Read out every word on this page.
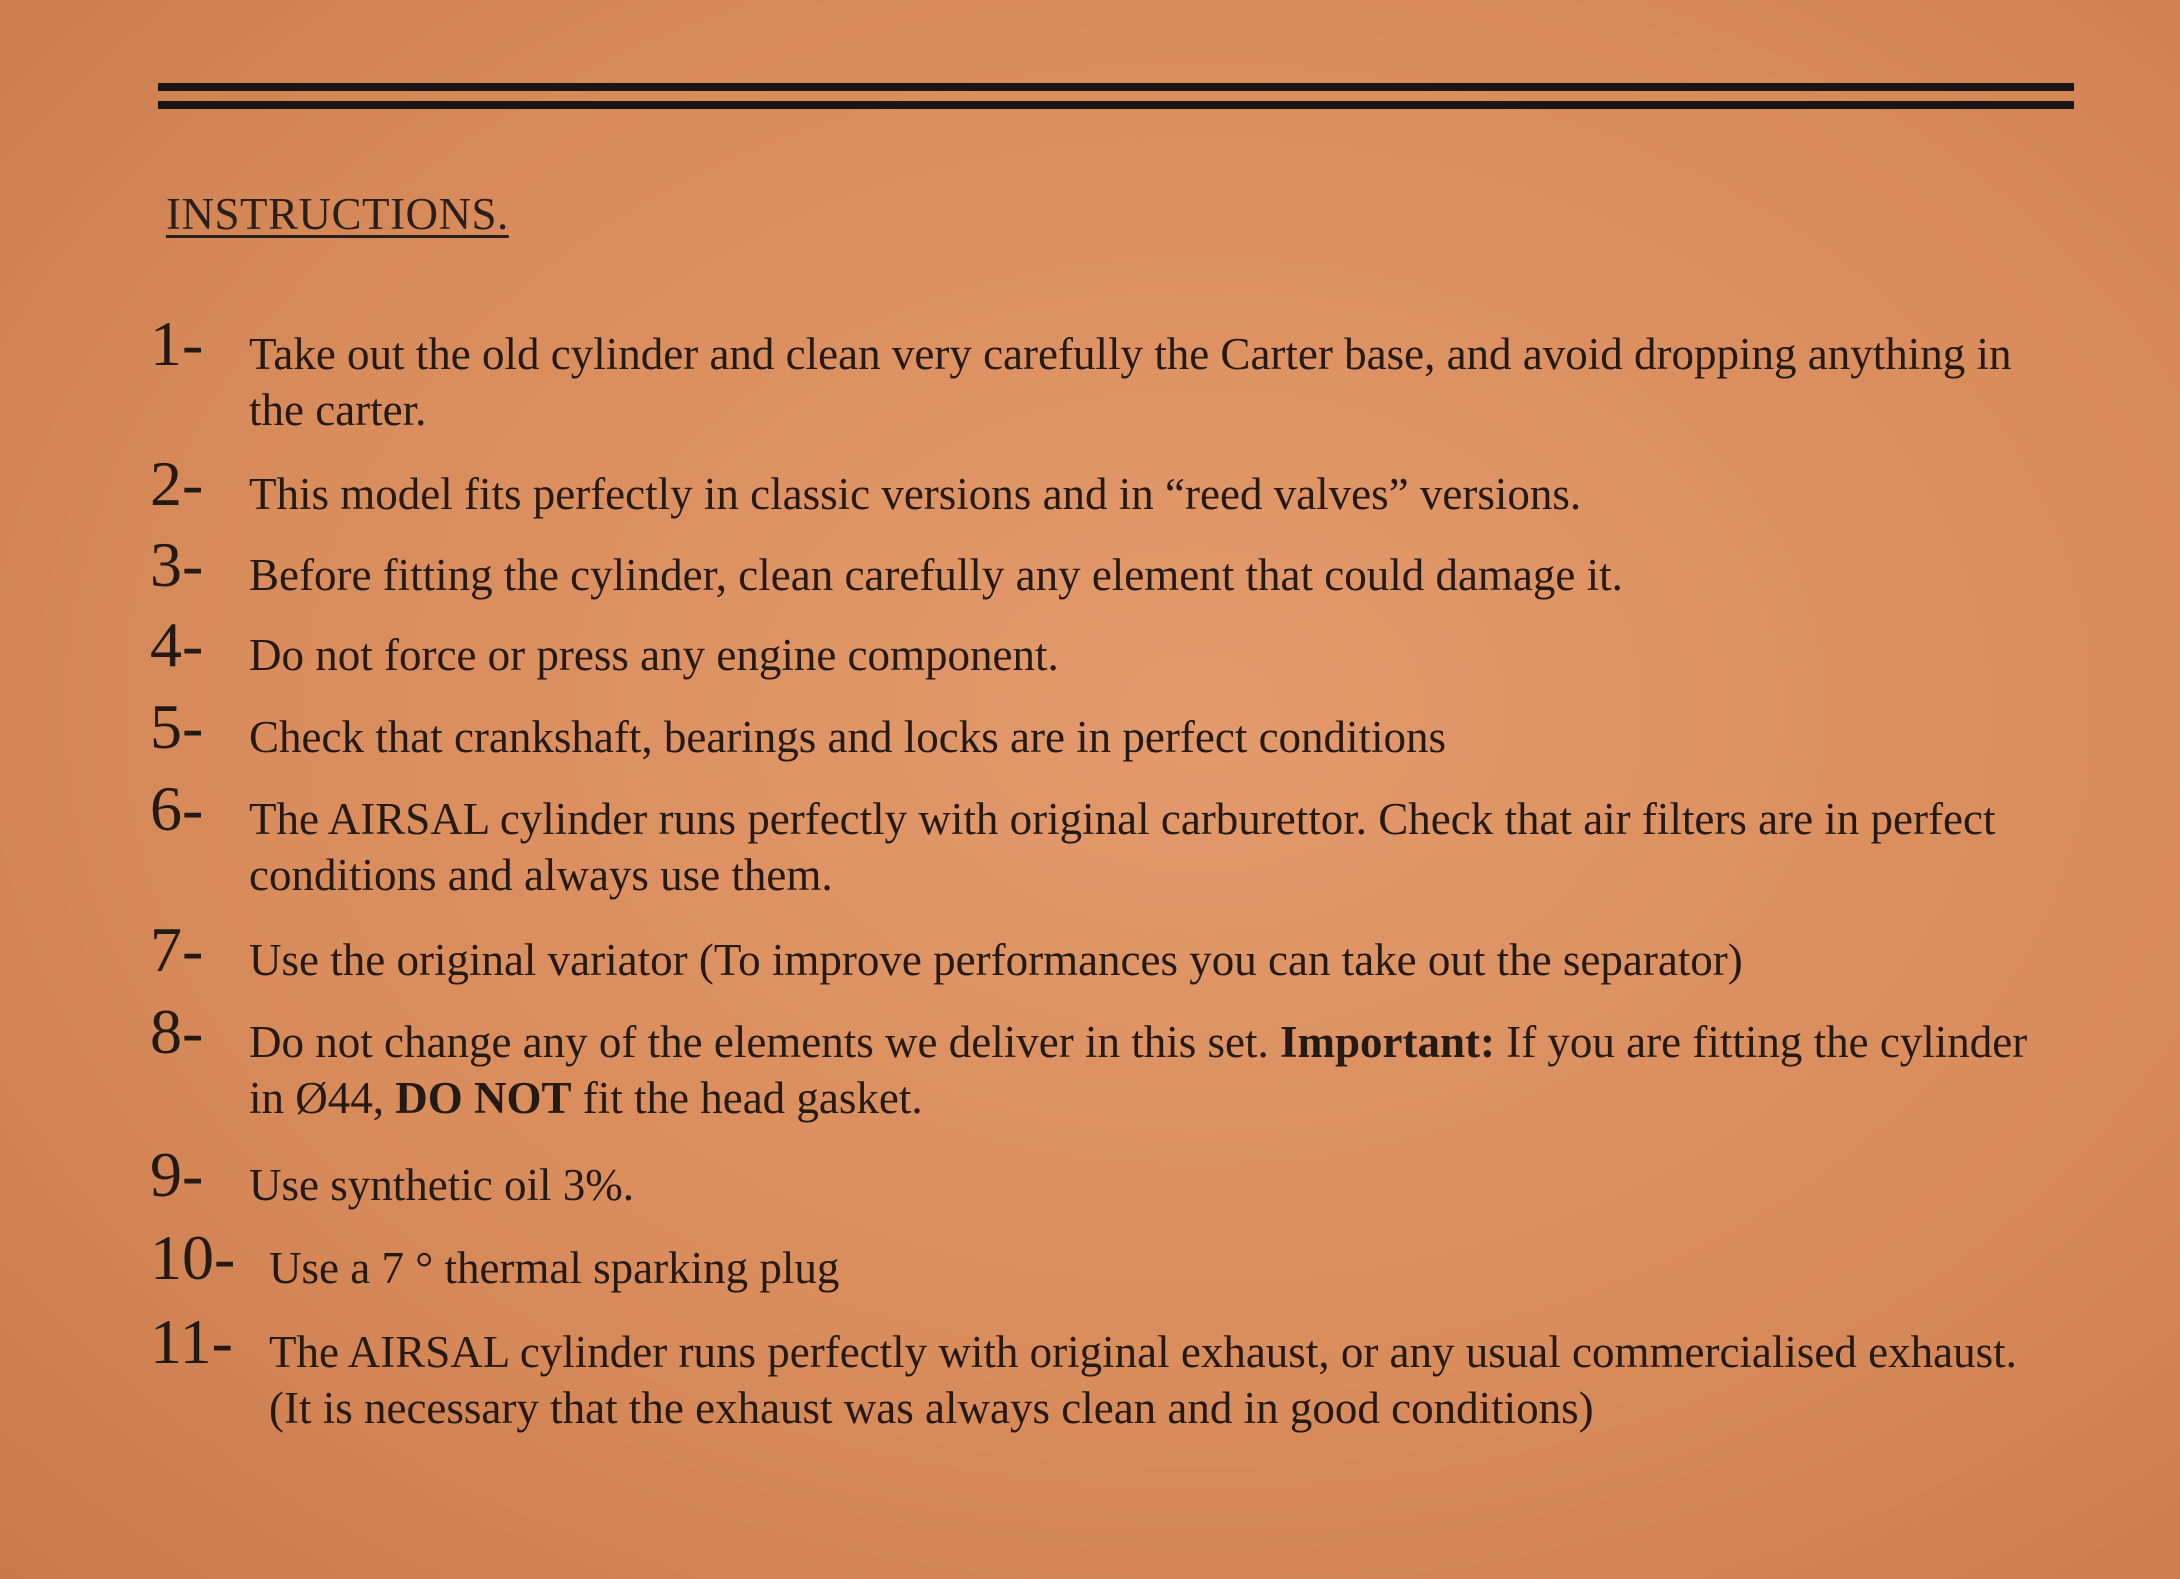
INSTRUCTIONS.
1- Take out the old cylinder and clean very carefully the Carter base, and avoid dropping anything in the carter.
2- This model fits perfectly in classic versions and in “reed valves” versions.
3- Before fitting the cylinder, clean carefully any element that could damage it.
4- Do not force or press any engine component.
5- Check that crankshaft, bearings and locks are in perfect conditions
6- The AIRSAL cylinder runs perfectly with original carburettor. Check that air filters are in perfect conditions and always use them.
7- Use the original variator (To improve performances you can take out the separator)
8- Do not change any of the elements we deliver in this set. Important: If you are fitting the cylinder in Ø44, DO NOT fit the head gasket.
9- Use synthetic oil 3%.
10- Use a 7 ° thermal sparking plug
11- The AIRSAL cylinder runs perfectly with original exhaust, or any usual commercialised exhaust. (It is necessary that the exhaust was always clean and in good conditions)
